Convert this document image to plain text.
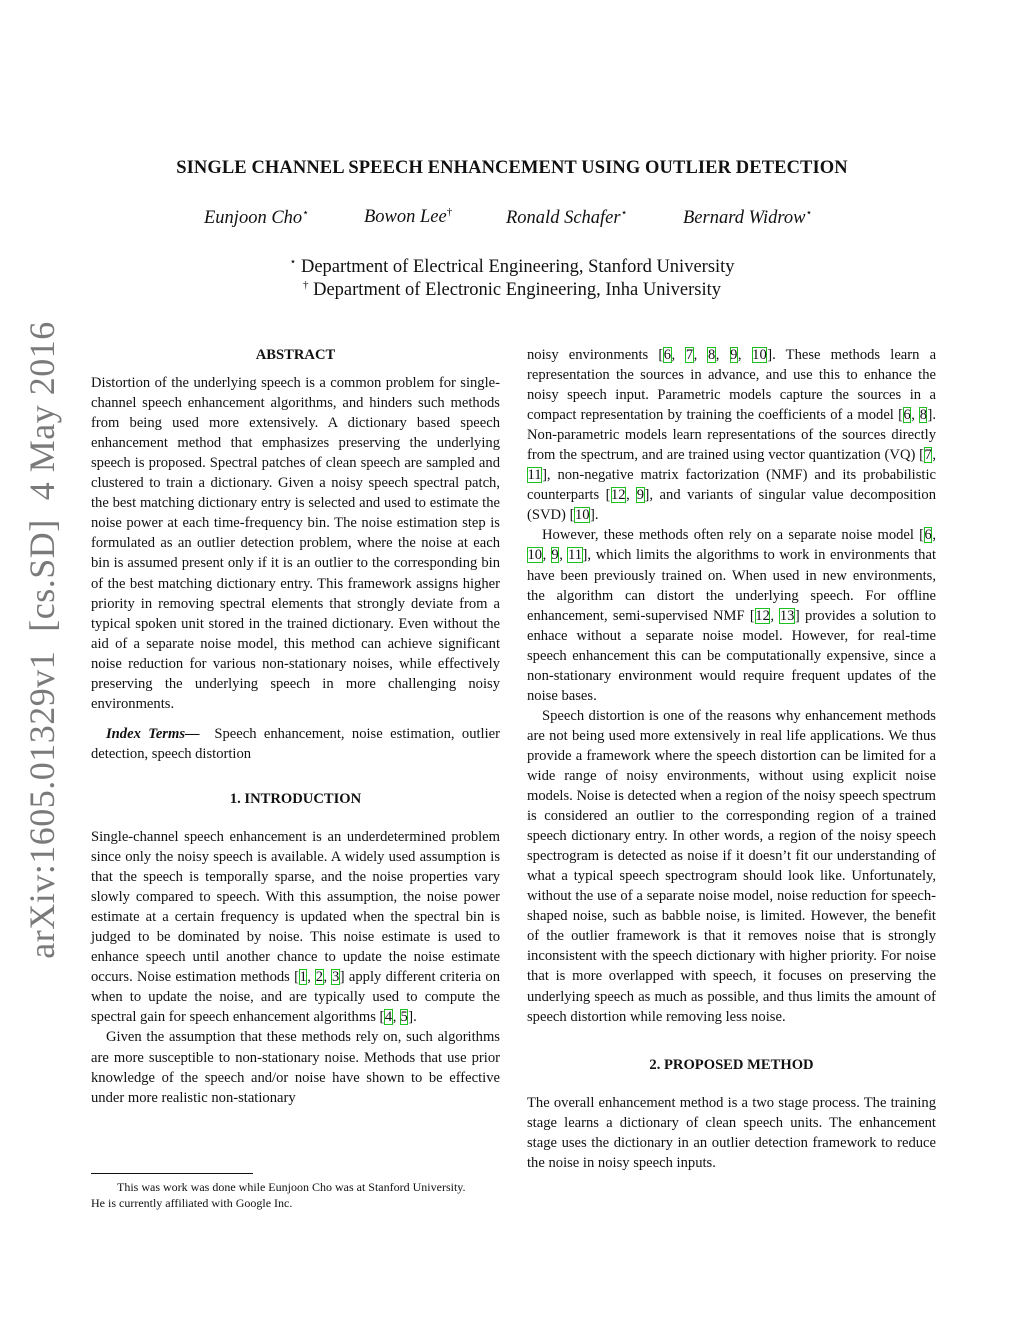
SINGLE CHANNEL SPEECH ENHANCEMENT USING OUTLIER DETECTION
Eunjoon Cho⋆	Bowon Lee†	Ronald Schafer⋆	Bernard Widrow⋆
⋆ Department of Electrical Engineering, Stanford University
† Department of Electronic Engineering, Inha University
arXiv:1605.01329v1  [cs.SD]  4 May 2016	ABSTRACT

Distortion of the underlying speech is a common problem for single-channel speech enhancement algorithms, and hinders such methods from being used more extensively. A dictionary based speech enhancement method that emphasizes preserving the underlying speech is proposed. Spectral patches of clean speech are sampled and clustered to train a dictionary. Given a noisy speech spectral patch, the best matching dictionary entry is selected and used to estimate the noise power at each time-frequency bin. The noise estimation step is formulated as an outlier detection problem, where the noise at each bin is assumed present only if it is an outlier to the corresponding bin of the best matching dictionary entry. This framework assigns higher priority in removing spectral elements that strongly deviate from a typical spoken unit stored in the trained dictionary. Even without the aid of a separate noise model, this method can achieve significant noise reduction for various non-stationary noises, while effectively preserving the underlying speech in more challenging noisy environments.

Index Terms— Speech enhancement, noise estimation, outlier detection, speech distortion

1. INTRODUCTION

Single-channel speech enhancement is an underdetermined problem since only the noisy speech is available. A widely used assumption is that the speech is temporally sparse, and the noise properties vary slowly compared to speech. With this assumption, the noise power estimate at a certain frequency is updated when the spectral bin is judged to be dominated by noise. This noise estimate is used to enhance speech until another chance to update the noise estimate occurs. Noise estimation methods [1, 2, 3] apply different criteria on when to update the noise, and are typically used to compute the spectral gain for speech enhancement algorithms [4, 5].

Given the assumption that these methods rely on, such algorithms are more susceptible to non-stationary noise. Methods that use prior knowledge of the speech and/or noise have shown to be effective under more realistic non-stationary

This was work was done while Eunjoon Cho was at Stanford University.
He is currently affiliated with Google Inc.

noisy environments [6, 7, 8, 9, 10]. These methods learn a representation the sources in advance, and use this to enhance the noisy speech input. Parametric models capture the sources in a compact representation by training the coefficients of a model [6, 8]. Non-parametric models learn representations of the sources directly from the spectrum, and are trained using vector quantization (VQ) [7, 11], non-negative matrix factorization (NMF) and its probabilistic counterparts [12, 9], and variants of singular value decomposition (SVD) [10].

However, these methods often rely on a separate noise model [6, 10, 9, 11], which limits the algorithms to work in environments that have been previously trained on. When used in new environments, the algorithm can distort the underlying speech. For offline enhancement, semi-supervised NMF [12, 13] provides a solution to enhace without a separate noise model. However, for real-time speech enhancement this can be computationally expensive, since a non-stationary environment would require frequent updates of the noise bases.

Speech distortion is one of the reasons why enhancement methods are not being used more extensively in real life applications. We thus provide a framework where the speech distortion can be limited for a wide range of noisy environments, without using explicit noise models. Noise is detected when a region of the noisy speech spectrum is considered an outlier to the corresponding region of a trained speech dictionary entry. In other words, a region of the noisy speech spectrogram is detected as noise if it doesn’t fit our understanding of what a typical speech spectrogram should look like. Unfortunately, without the use of a separate noise model, noise reduction for speech-shaped noise, such as babble noise, is limited. However, the benefit of the outlier framework is that it removes noise that is strongly inconsistent with the speech dictionary with higher priority. For noise that is more overlapped with speech, it focuses on preserving the underlying speech as much as possible, and thus limits the amount of speech distortion while removing less noise.

2. PROPOSED METHOD

The overall enhancement method is a two stage process. The training stage learns a dictionary of clean speech units. The enhancement stage uses the dictionary in an outlier detection framework to reduce the noise in noisy speech inputs.
